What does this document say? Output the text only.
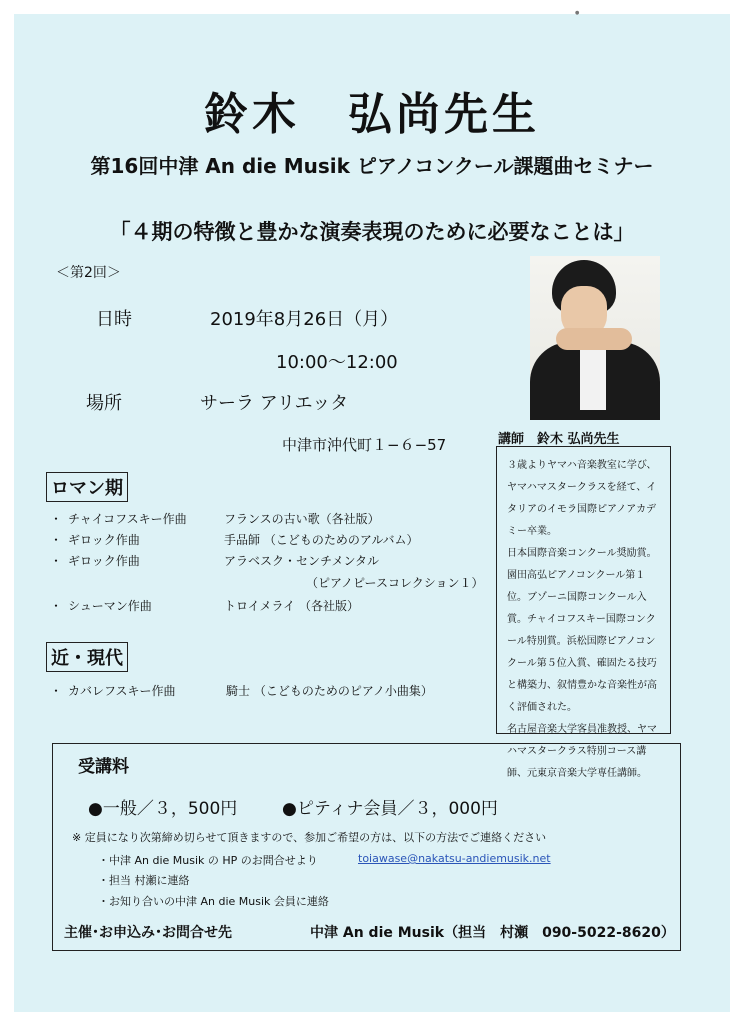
●
鈴木　弘尚先生
第16回中津 An die Musik ピアノコンクール課題曲セミナー
「４期の特徴と豊かな演奏表現のために必要なことは」
＜第2回＞
日時	2019年8月26日（月）
10:00〜12:00
場所	サーラ アリエッタ
中津市沖代町１−６−57	講師　鈴木 弘尚先生

３歳よりヤマハ音楽教室に学び、ヤマハマスタークラスを経て、イタリアのイモラ国際ピアノアカデミー卒業。

日本国際音楽コンクール奨励賞。

園田高弘ピアノコンクール第１位。ブゾーニ国際コンクール入賞。チャイコフスキー国際コンクール特別賞。浜松国際ピアノコンクール第５位入賞、確固たる技巧と構築力、叙情豊かな音楽性が高く評価された。

名古屋音楽大学客員准教授、ヤマハマスタークラス特別コース講師、元東京音楽大学専任講師。

ロマン期
・ チャイコフスキー作曲	フランスの古い歌（各社版）
・ ギロック作曲	手品師 （こどものためのアルバム）
・ ギロック作曲	アラベスク・センチメンタル
（ピアノピースコレクション１）
・ シューマン作曲	トロイメライ （各社版）
近・現代
・ カバレフスキー作曲	騎士 （こどものためのピアノ小曲集）
受講料
●一般／３，500円	●ピティナ会員／３，000円
※ 定員になり次第締め切らせて頂きますので、参加ご希望の方は、以下の方法でご連絡ください
・中津 An die Musik の HP のお問合せより	toiawase@nakatsu-andiemusik.net
・担当 村瀬に連絡
・お知り合いの中津 An die Musik 会員に連絡
主催･お申込み･お問合せ先	中津 An die Musik（担当　村瀬　090-5022-8620）
